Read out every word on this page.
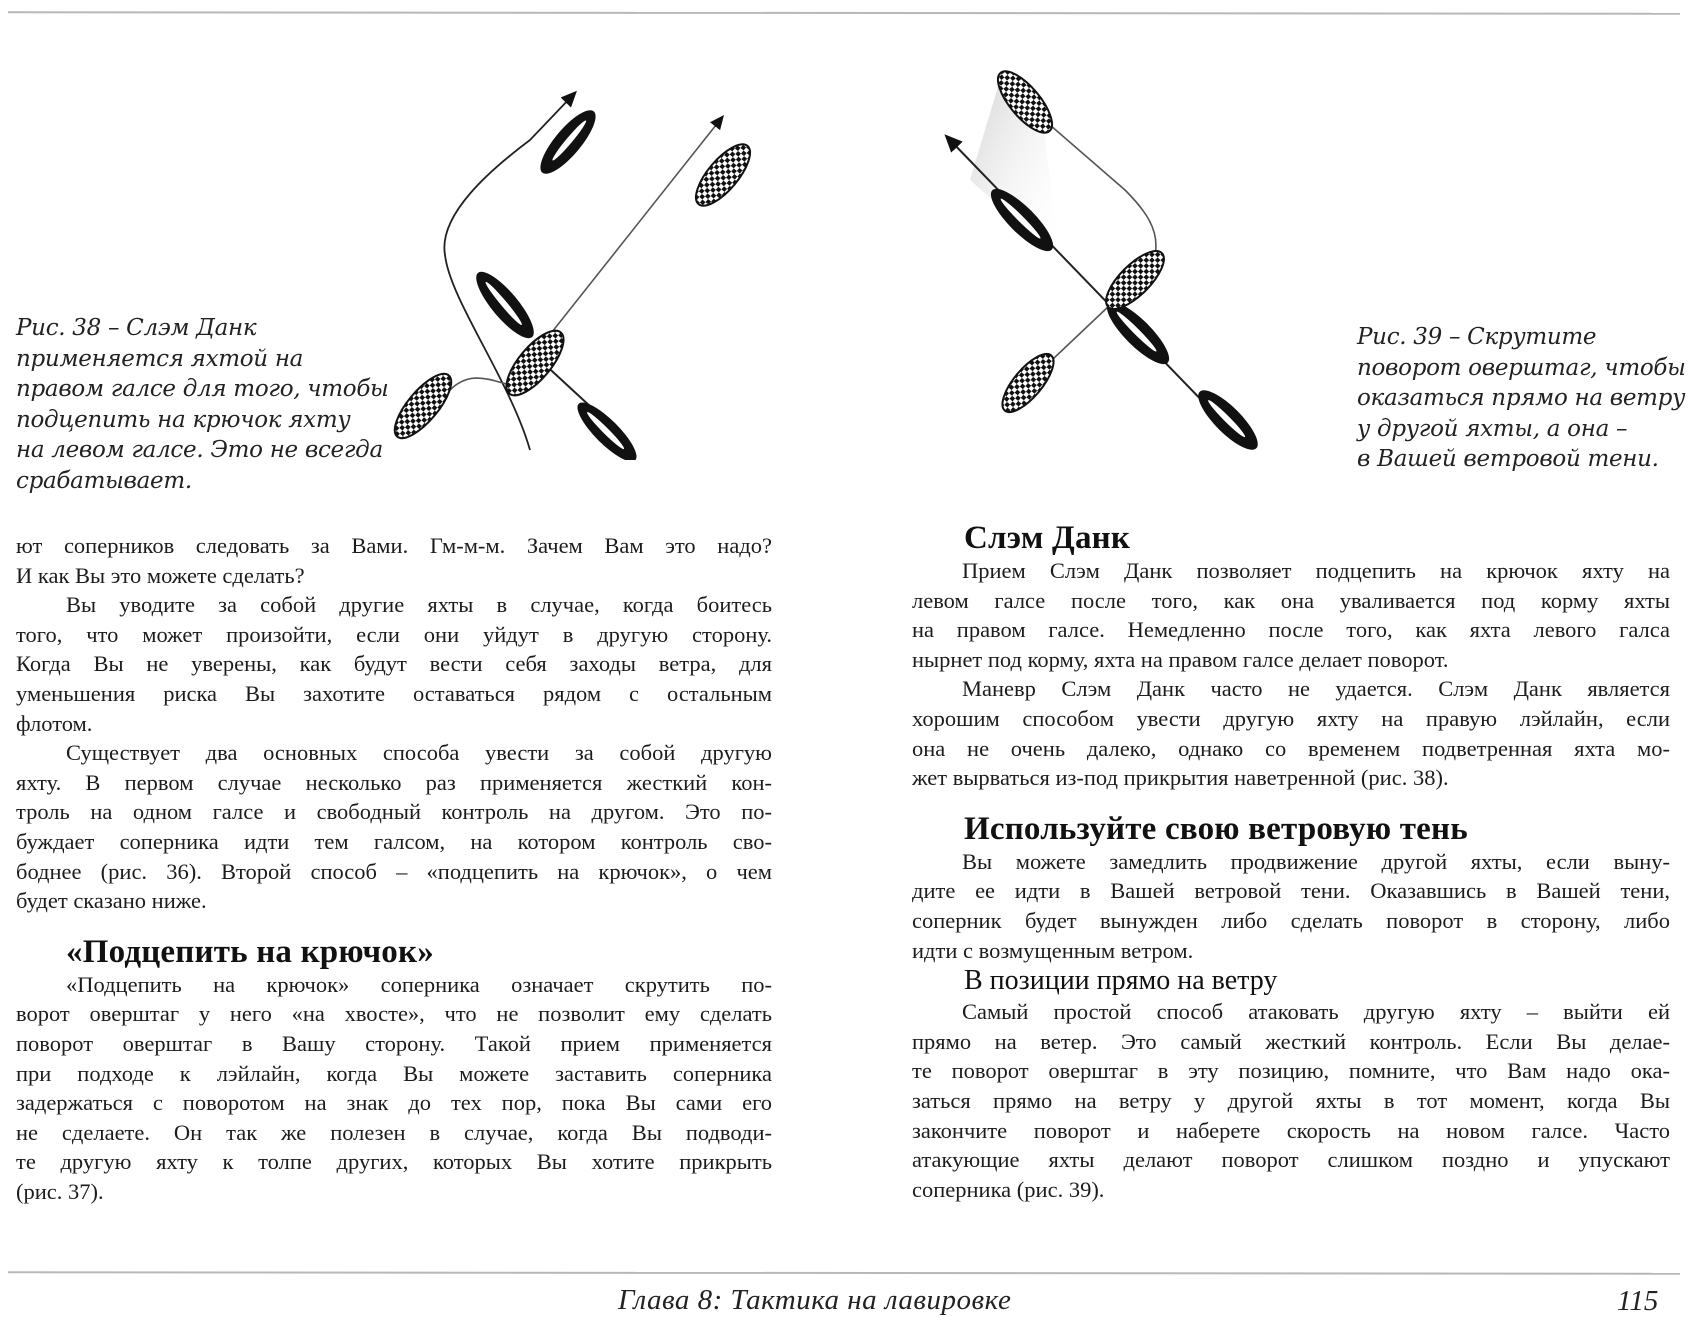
Рис. 38 – Слэм Данк
применяется яхтой на
правом галсе для того, чтобы
подцепить на крючок яхту
на левом галсе. Это не всегда
срабатывает.
Рис. 39 – Скрутите
поворот оверштаг, чтобы
оказаться прямо на ветру
у другой яхты, а она –
в Вашей ветровой тени.

ют соперников следовать за Вами. Гм-м-м. Зачем Вам это надо?
И как Вы это можете сделать?

Вы уводите за собой другие яхты в случае, когда боитесь
того, что может произойти, если они уйдут в другую сторону.
Когда Вы не уверены, как будут вести себя заходы ветра, для
уменьшения риска Вы захотите оставаться рядом с остальным
флотом.

Существует два основных способа увести за собой другую
яхту. В первом случае несколько раз применяется жесткий кон-
троль на одном галсе и свободный контроль на другом. Это по-
буждает соперника идти тем галсом, на котором контроль сво-
боднее (рис. 36). Второй способ – «подцепить на крючок», о чем
будет сказано ниже.

«Подцепить на крючок»

«Подцепить на крючок» соперника означает скрутить по-
ворот оверштаг у него «на хвосте», что не позволит ему сделать
поворот оверштаг в Вашу сторону. Такой прием применяется
при подходе к лэйлайн, когда Вы можете заставить соперника
задержаться с поворотом на знак до тех пор, пока Вы сами его
не сделаете. Он так же полезен в случае, когда Вы подводи-
те другую яхту к толпе других, которых Вы хотите прикрыть
(рис. 37).

Слэм Данк

Прием Слэм Данк позволяет подцепить на крючок яхту на
левом галсе после того, как она уваливается под корму яхты
на правом галсе. Немедленно после того, как яхта левого галса
нырнет под корму, яхта на правом галсе делает поворот.

Маневр Слэм Данк часто не удается. Слэм Данк является
хорошим способом увести другую яхту на правую лэйлайн, если
она не очень далеко, однако со временем подветренная яхта мо-
жет вырваться из-под прикрытия наветренной (рис. 38).

Используйте свою ветровую тень

Вы можете замедлить продвижение другой яхты, если выну-
дите ее идти в Вашей ветровой тени. Оказавшись в Вашей тени,
соперник будет вынужден либо сделать поворот в сторону, либо
идти с возмущенным ветром.

В позиции прямо на ветру

Самый простой способ атаковать другую яхту – выйти ей
прямо на ветер. Это самый жесткий контроль. Если Вы делае-
те поворот оверштаг в эту позицию, помните, что Вам надо ока-
заться прямо на ветру у другой яхты в тот момент, когда Вы
закончите поворот и наберете скорость на новом галсе. Часто
атакующие яхты делают поворот слишком поздно и упускают
соперника (рис. 39).

Глава 8: Тактика на лавировке	115
